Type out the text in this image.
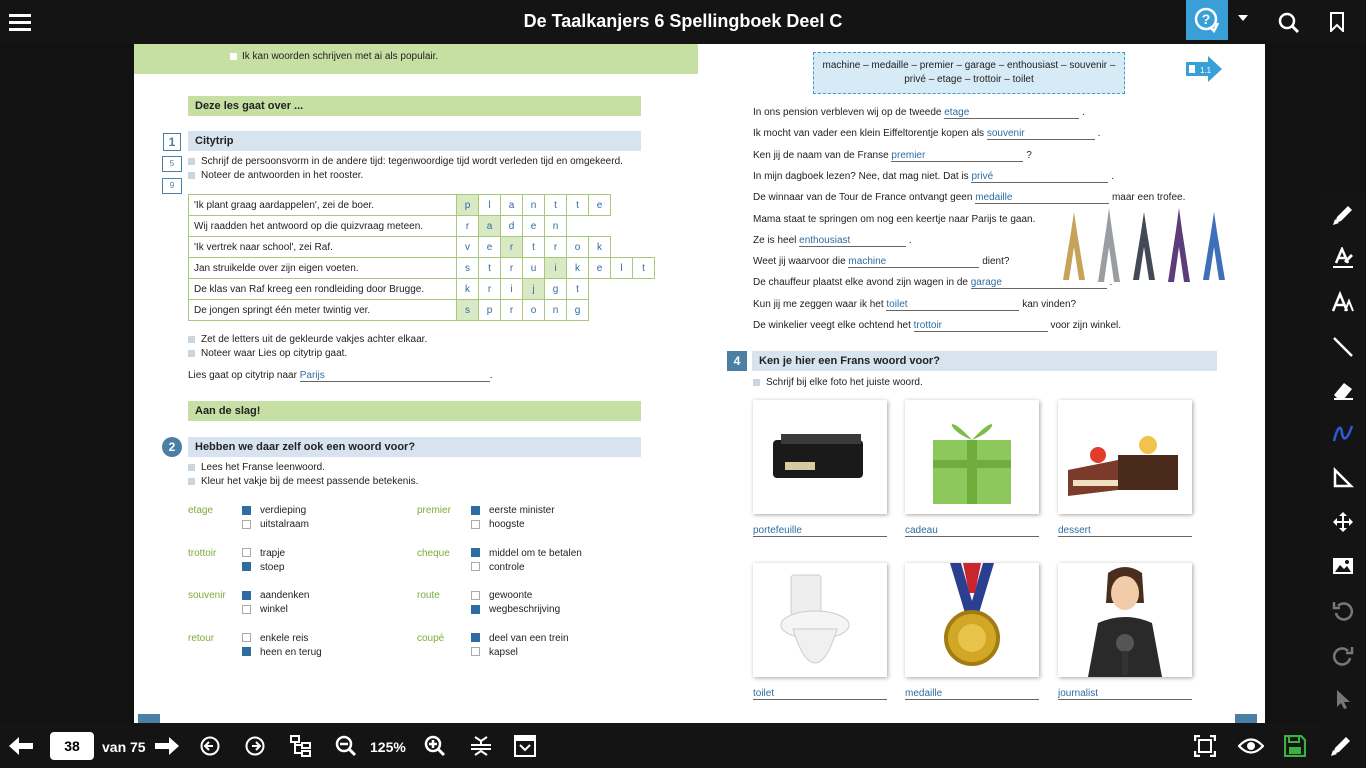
De Taalkanjers 6 Spellingboek Deel C	?
Ik kan woorden schrijven met ai als populair.
Deze les gaat over ...
1
5
9
Citytrip
Schrijf de persoonsvorm in de andere tijd: tegenwoordige tijd wordt verleden tijd en omgekeerd.
Noteer de antwoorden in het rooster.
'Ik plant graag aardappelen', zei de boer.	p	l	a	n	t	t	e		
Wij raadden het antwoord op die quizvraag meteen.	r	a	d	e	n				
'Ik vertrek naar school', zei Raf.	v	e	r	t	r	o	k		
Jan struikelde over zijn eigen voeten.	s	t	r	u	i	k	e	l	t
De klas van Raf kreeg een rondleiding door Brugge.	k	r	i	j	g	t			
De jongen springt één meter twintig ver.	s	p	r	o	n	g			
Zet de letters uit de gekleurde vakjes achter elkaar.
Noteer waar Lies op citytrip gaat.
Lies gaat op citytrip naar Parijs	.
Aan de slag!
2	Hebben we daar zelf ook een woord voor?
Lees het Franse leenwoord.
Kleur het vakje bij de meest passende betekenis.
etage	verdieping
uitstalraam
trottoir	trapje
stoep
souvenir	aandenken
winkel
retour	enkele reis
heen en terug
premier	eerste minister
hoogste
cheque	middel om te betalen
controle
route	gewoonte
wegbeschrijving
coupé	deel van een trein
kapsel
machine – medaille – premier – garage – enthousiast – souvenir –
privé – etage – trottoir – toilet
1.1
4	Ken je hier een Frans woord voor?
Schrijf bij elke foto het juiste woord.
portefeuille	cadeau	dessert
toilet	medaille	journalist
In ons pension verbleven wij op de tweede etage	.
Ik mocht van vader een klein Eiffeltorentje kopen als souvenir	.
Ken jij de naam van de Franse premier	?
In mijn dagboek lezen? Nee, dat mag niet. Dat is privé	.
De winnaar van de Tour de France ontvangt geen medaille	maar een trofee.
Mama staat te springen om nog een keertje naar Parijs te gaan.
Ze is heel enthousiast	.
Weet jij waarvoor die machine	dient?
De chauffeur plaatst elke avond zijn wagen in de garage	.
Kun jij me zeggen waar ik het toilet	kan vinden?
De winkelier veegt elke ochtend het trottoir	voor zijn winkel.
38	van 75	125%
